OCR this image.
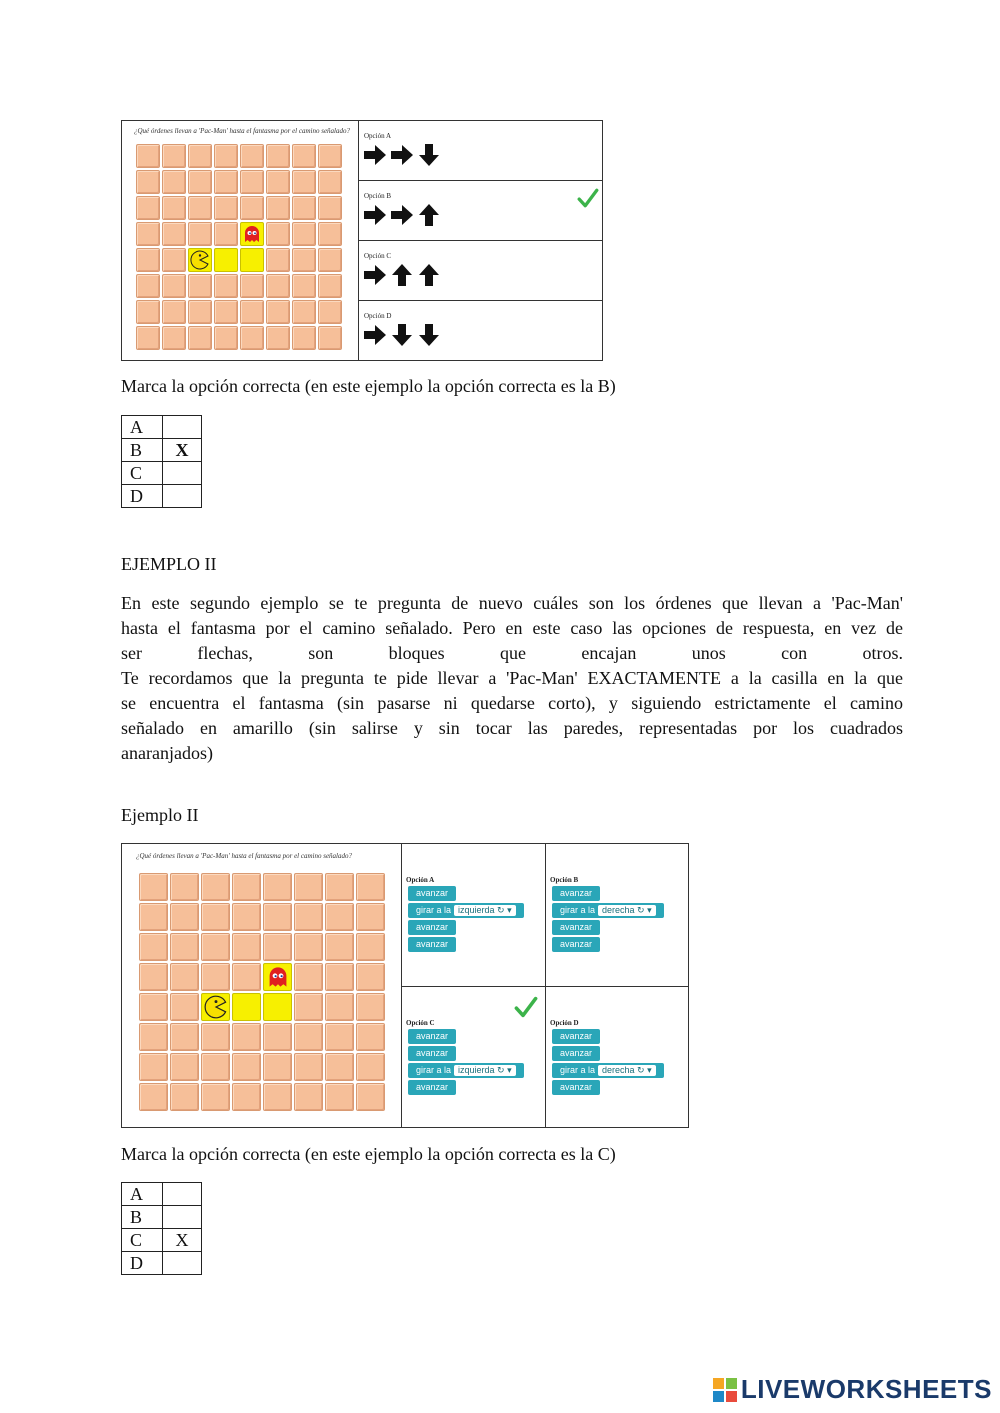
¿Qué órdenes llevan a 'Pac-Man' hasta el fantasma por el camino señalado?
Opción A
Opción B
Opción C
Opción D
Marca la opción correcta (en este ejemplo la opción correcta es la B)
A	
B	X
C	
D	
EJEMPLO II
En este segundo ejemplo se te pregunta de nuevo cuáles son los órdenes que llevan a 'Pac-Man'
hasta el fantasma por el camino señalado. Pero en este caso las opciones de respuesta, en vez de
ser flechas, son bloques que encajan unos con otros.
Te recordamos que la pregunta te pide llevar a 'Pac-Man' EXACTAMENTE a la casilla en la que
se encuentra el fantasma (sin pasarse ni quedarse corto), y siguiendo estrictamente el camino
señalado en amarillo (sin salirse y sin tocar las paredes, representadas por los cuadrados
anaranjados)
Ejemplo II
¿Qué órdenes llevan a 'Pac-Man' hasta el fantasma por el camino señalado?
Opción A
avanzar
girar a la izquierda ↻ ▾
avanzar
avanzar
Opción B
avanzar
girar a la derecha ↻ ▾
avanzar
avanzar
Opción C
avanzar
avanzar
girar a la izquierda ↻ ▾
avanzar
Opción D
avanzar
avanzar
girar a la derecha ↻ ▾
avanzar
Marca la opción correcta (en este ejemplo la opción correcta es la C)
A	
B	
C	X
D	
LIVEWORKSHEETS
